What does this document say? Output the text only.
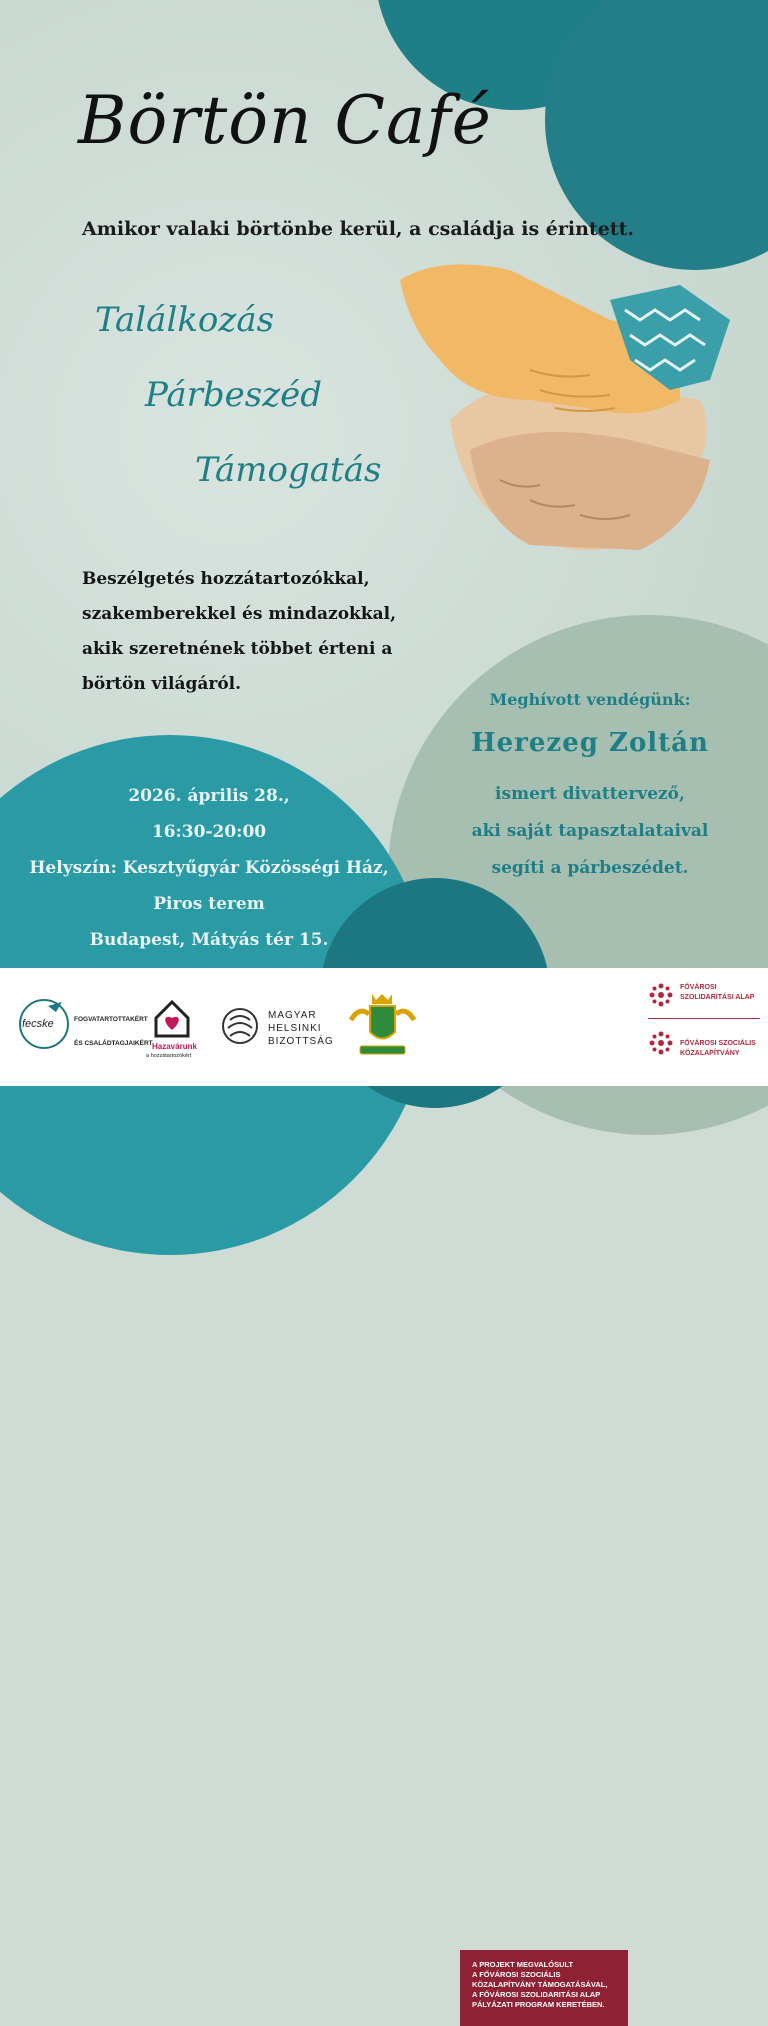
Börtön Café
Amikor valaki börtönbe kerül, a családja is érintett.
Találkozás
Párbeszéd
Támogatás
Beszélgetés hozzátartozókkal,
szakemberekkel és mindazokkal,
akik szeretnének többet érteni a
börtön világáról.
Meghívott vendégünk:
Herezeg Zoltán
ismert divattervező,
aki saját tapasztalataival
segíti a párbeszédet.
2026. április 28.,
16:30-20:00
Helyszín: Kesztyűgyár Közösségi Ház,
Piros terem
Budapest, Mátyás tér 15.
fecske	FOGVATARTOTTAKÉRT
ÉS CSALÁDTAGJAIKÉRT Hazavárunk
a hozzátartozókért
MAGYAR
HELSINKI
BIZOTTSÁG
A PROJEKT MEGVALÓSULT
A FŐVÁROSI SZOCIÁLIS
KÖZALAPÍTVÁNY TÁMOGATÁSÁVAL,
A FŐVÁROSI SZOLIDARITÁSI ALAP
PÁLYÁZATI PROGRAM KERETÉBEN.
FŐVÁROSI
SZOLIDARITÁSI ALAP
FŐVÁROSI SZOCIÁLIS
KÖZALAPÍTVÁNY
